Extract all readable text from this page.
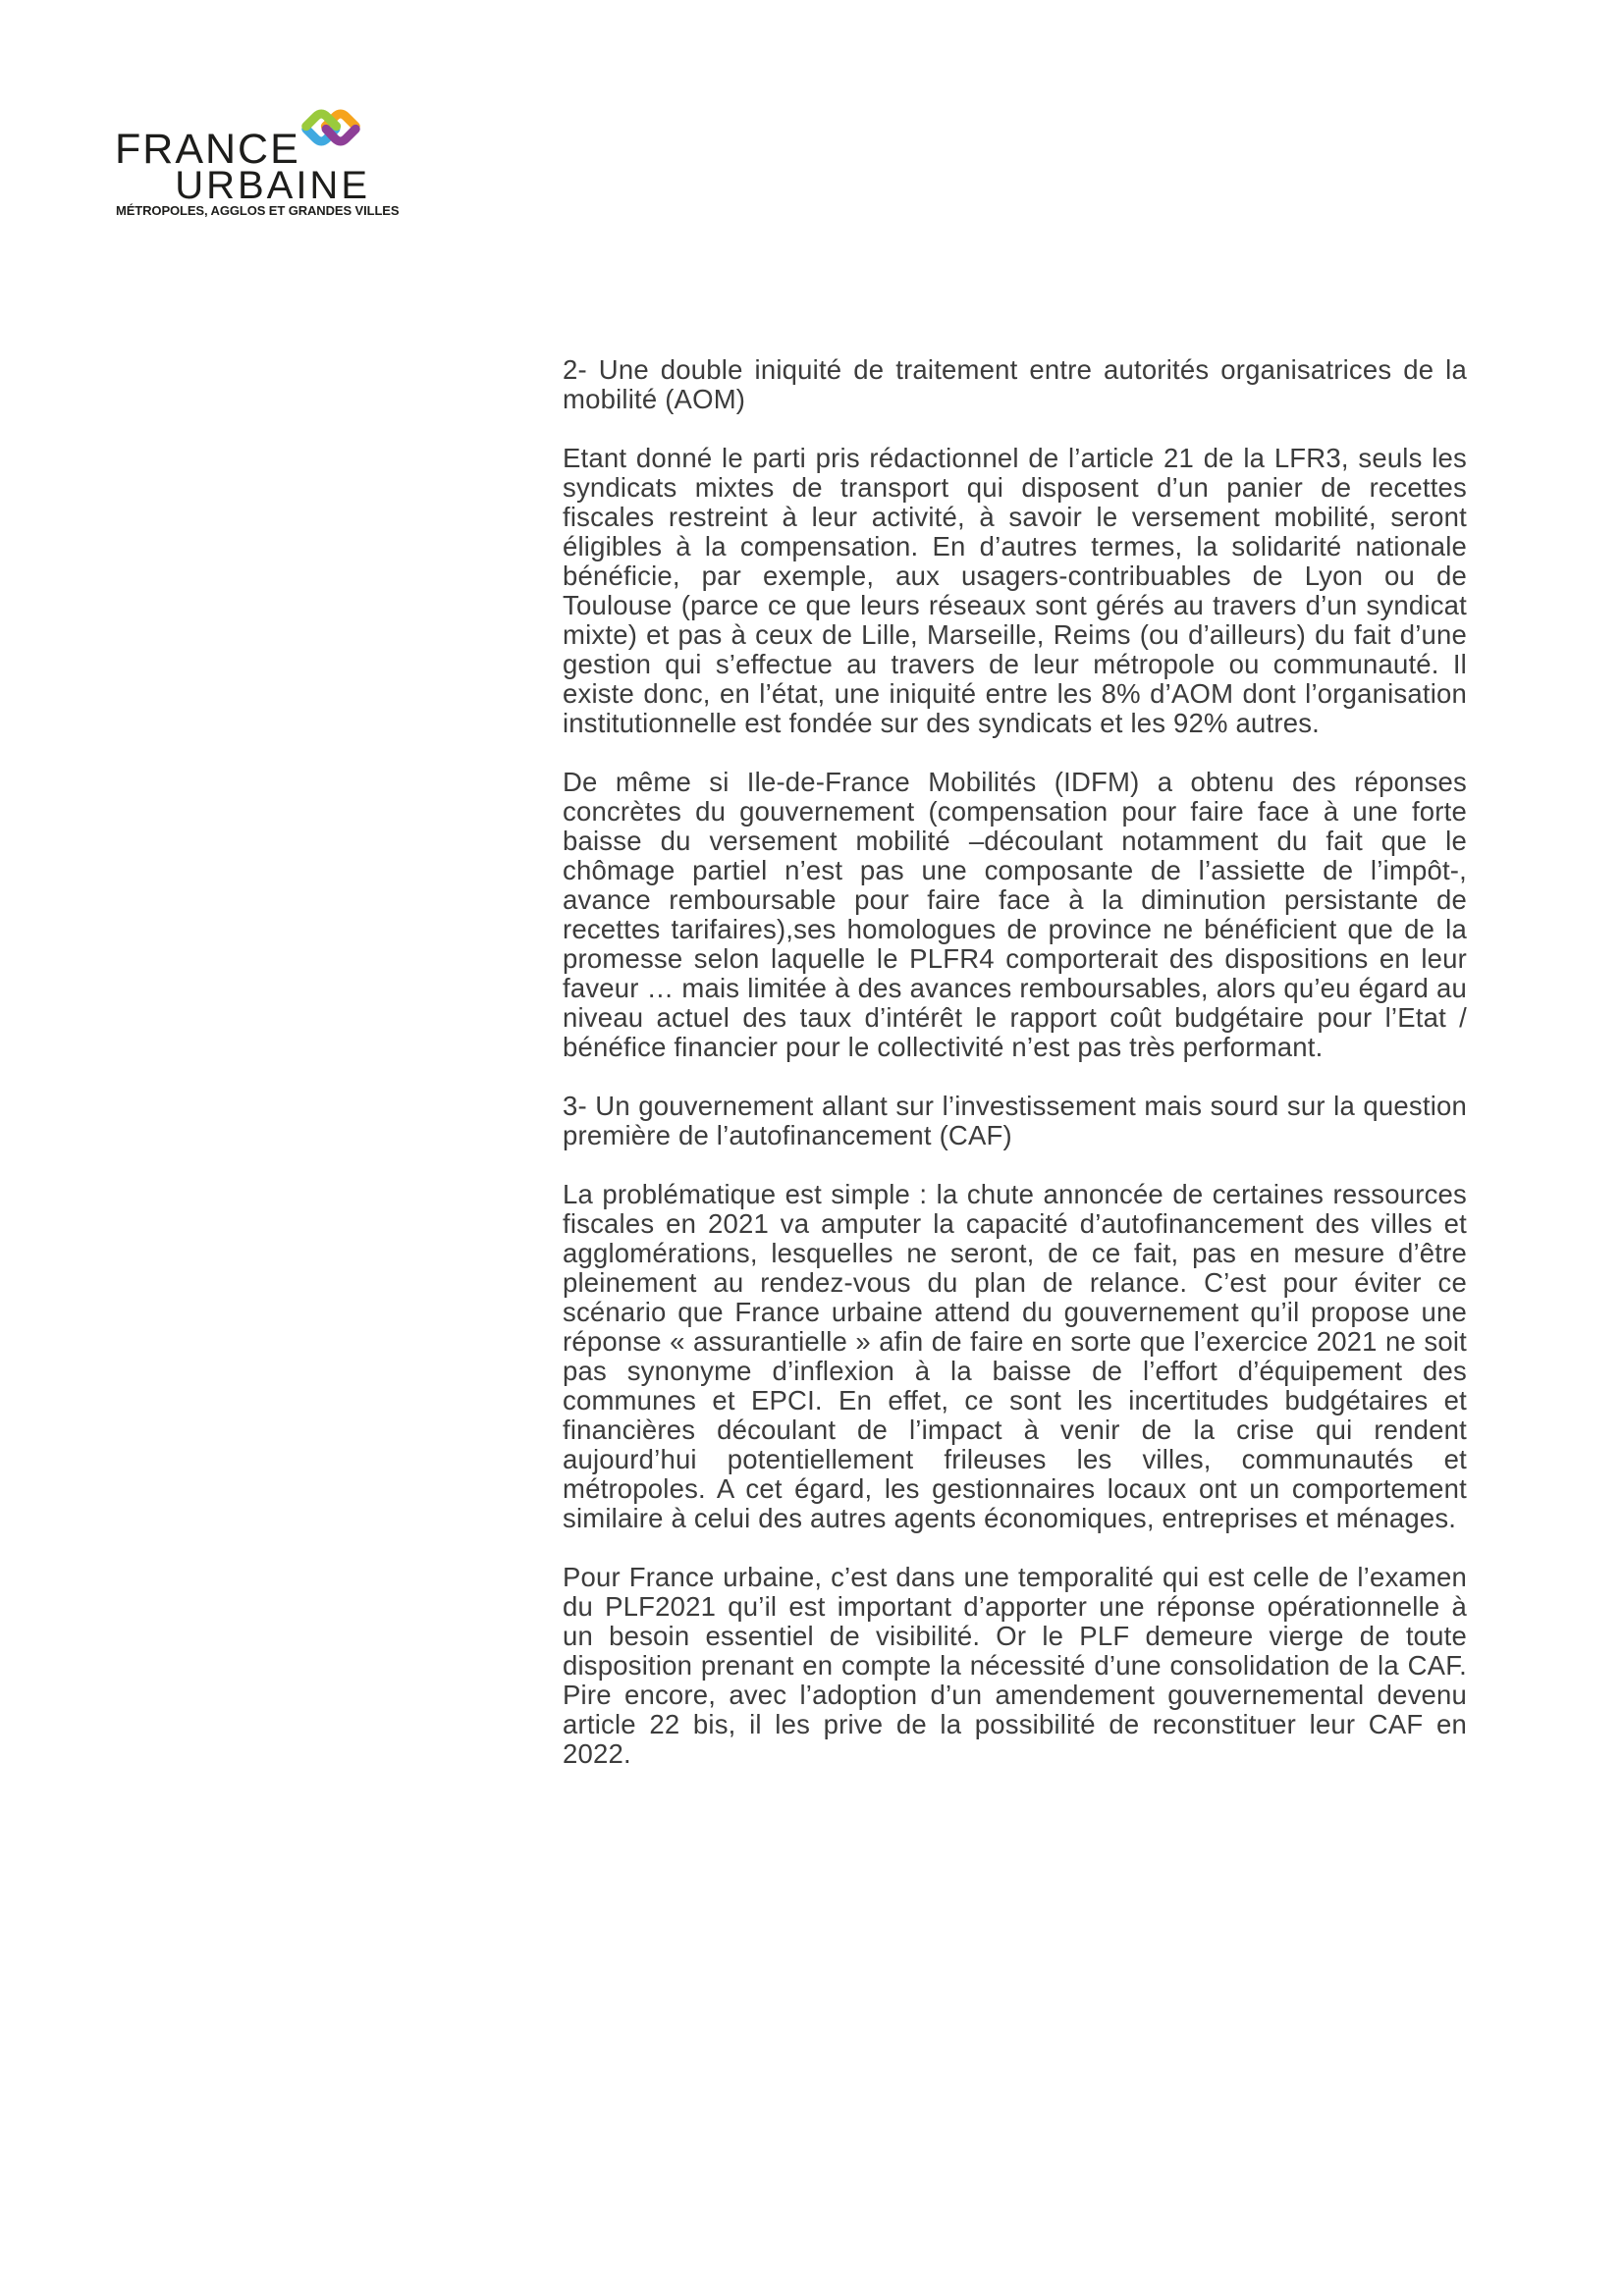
FRANCE
URBAINE
MÉTROPOLES, AGGLOS ET GRANDES VILLES

2- Une double iniquité de traitement entre autorités organisatrices de la mobilité (AOM)

Etant donné le parti pris rédactionnel de l’article 21 de la LFR3, seuls les syndicats mixtes de transport qui disposent d’un panier de recettes fiscales restreint à leur activité, à savoir le versement mobilité, seront éligibles à la compensation. En d’autres termes, la solidarité nationale bénéficie, par exemple, aux usagers-contribuables de Lyon ou de Toulouse (parce ce que leurs réseaux sont gérés au travers d’un syndicat mixte) et pas à ceux de Lille, Marseille, Reims (ou d’ailleurs) du fait d’une gestion qui s’effectue au travers de leur métropole ou communauté. Il existe donc, en l’état, une iniquité entre les 8% d’AOM dont l’organisation institutionnelle est fondée sur des syndicats et les 92% autres.

De même si Ile-de-France Mobilités (IDFM) a obtenu des réponses concrètes du gouvernement (compensation pour faire face à une forte baisse du versement mobilité –découlant notamment du fait que le chômage partiel n’est pas une composante de l’assiette de l’impôt-, avance remboursable pour faire face à la diminution persistante de recettes tarifaires),ses homologues de province ne bénéficient que de la promesse selon laquelle le PLFR4 comporterait des dispositions en leur faveur … mais limitée à des avances remboursables, alors qu’eu égard au niveau actuel des taux d’intérêt le rapport coût budgétaire pour l’Etat / bénéfice financier pour le collectivité n’est pas très performant.

3- Un gouvernement allant sur l’investissement mais sourd sur la question première de l’autofinancement (CAF)

La problématique est simple : la chute annoncée de certaines ressources fiscales en 2021 va amputer la capacité d’autofinancement des villes et agglomérations, lesquelles ne seront, de ce fait, pas en mesure d’être pleinement au rendez-vous du plan de relance. C’est pour éviter ce scénario que France urbaine attend du gouvernement qu’il propose une réponse « assurantielle » afin de faire en sorte que l’exercice 2021 ne soit pas synonyme d’inflexion à la baisse de l’effort d’équipement des communes et EPCI. En effet, ce sont les incertitudes budgétaires et financières découlant de l’impact à venir de la crise qui rendent aujourd’hui potentiellement frileuses les villes, communautés et métropoles. A cet égard, les gestionnaires locaux ont un comportement similaire à celui des autres agents économiques, entreprises et ménages.

Pour France urbaine, c’est dans une temporalité qui est celle de l’examen du PLF2021 qu’il est important d’apporter une réponse opérationnelle à un besoin essentiel de visibilité. Or le PLF demeure vierge de toute disposition prenant en compte la nécessité d’une consolidation de la CAF. Pire encore, avec l’adoption d’un amendement gouvernemental devenu article 22 bis, il les prive de la possibilité de reconstituer leur CAF en 2022.
